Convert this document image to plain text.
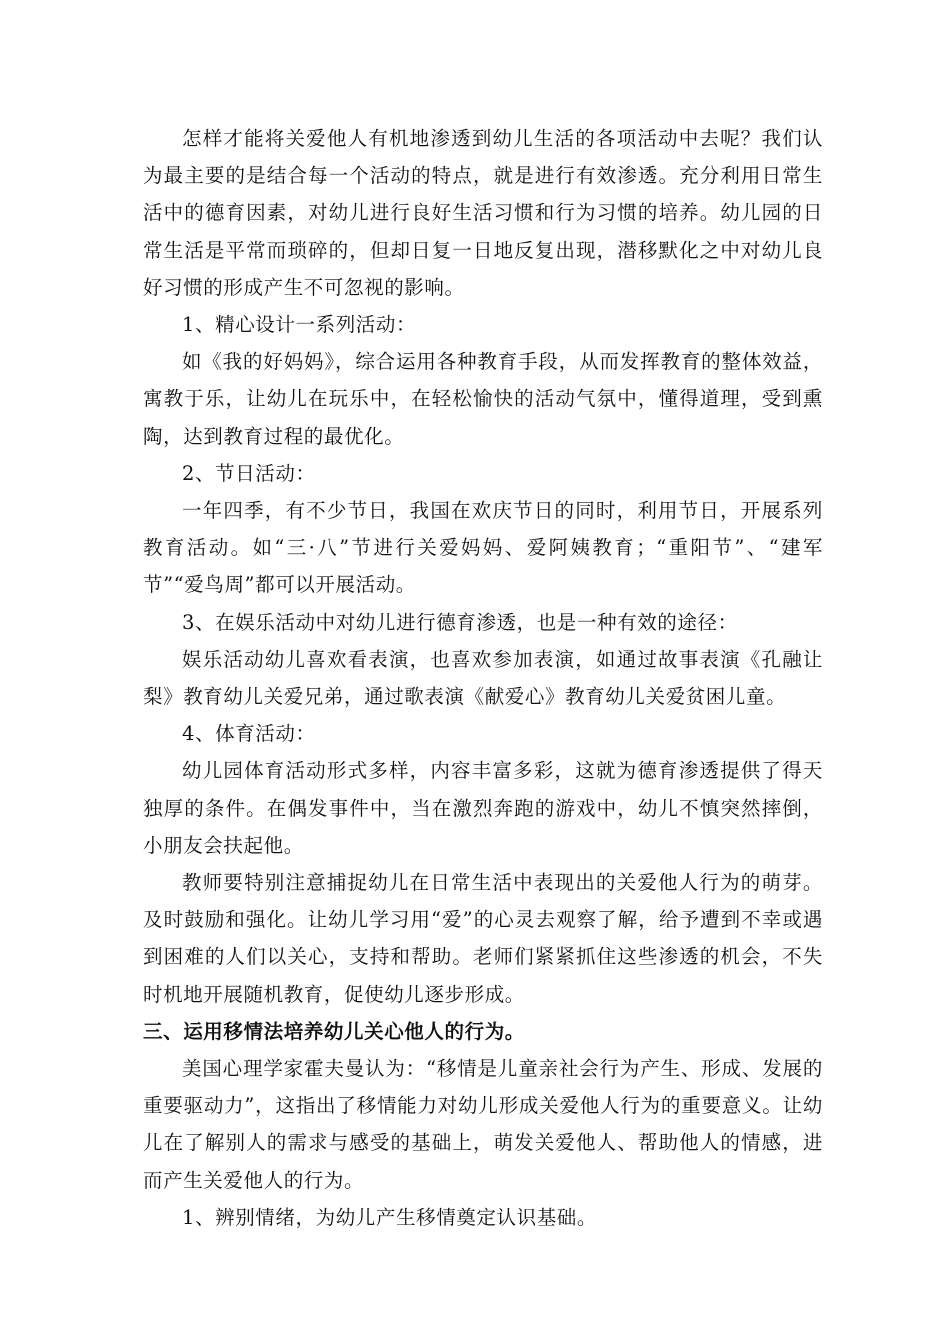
怎样才能将关爱他人有机地渗透到幼儿生活的各项活动中去呢？我们认为最主要的是结合每一个活动的特点，就是进行有效渗透。充分利用日常生活中的德育因素，对幼儿进行良好生活习惯和行为习惯的培养。幼儿园的日常生活是平常而琐碎的，但却日复一日地反复出现，潜移默化之中对幼儿良好习惯的形成产生不可忽视的影响。

1、精心设计一系列活动：

如《我的好妈妈》，综合运用各种教育手段，从而发挥教育的整体效益，寓教于乐，让幼儿在玩乐中，在轻松愉快的活动气氛中，懂得道理，受到熏陶，达到教育过程的最优化。

2、节日活动：

一年四季，有不少节日，我国在欢庆节日的同时，利用节日，开展系列教育活动。如“三·八”节进行关爱妈妈、爱阿姨教育；“重阳节”、“建军节”“爱鸟周”都可以开展活动。

3、在娱乐活动中对幼儿进行德育渗透，也是一种有效的途径：

娱乐活动幼儿喜欢看表演，也喜欢参加表演，如通过故事表演《孔融让梨》教育幼儿关爱兄弟，通过歌表演《献爱心》教育幼儿关爱贫困儿童。

4、体育活动：

幼儿园体育活动形式多样，内容丰富多彩，这就为德育渗透提供了得天独厚的条件。在偶发事件中，当在激烈奔跑的游戏中，幼儿不慎突然摔倒，小朋友会扶起他。

教师要特别注意捕捉幼儿在日常生活中表现出的关爱他人行为的萌芽。及时鼓励和强化。让幼儿学习用“爱”的心灵去观察了解，给予遭到不幸或遇到困难的人们以关心，支持和帮助。老师们紧紧抓住这些渗透的机会，不失时机地开展随机教育，促使幼儿逐步形成。

三、运用移情法培养幼儿关心他人的行为。

美国心理学家霍夫曼认为：“移情是儿童亲社会行为产生、形成、发展的重要驱动力”，这指出了移情能力对幼儿形成关爱他人行为的重要意义。让幼儿在了解别人的需求与感受的基础上，萌发关爱他人、帮助他人的情感，进而产生关爱他人的行为。

1、辨别情绪，为幼儿产生移情奠定认识基础。
